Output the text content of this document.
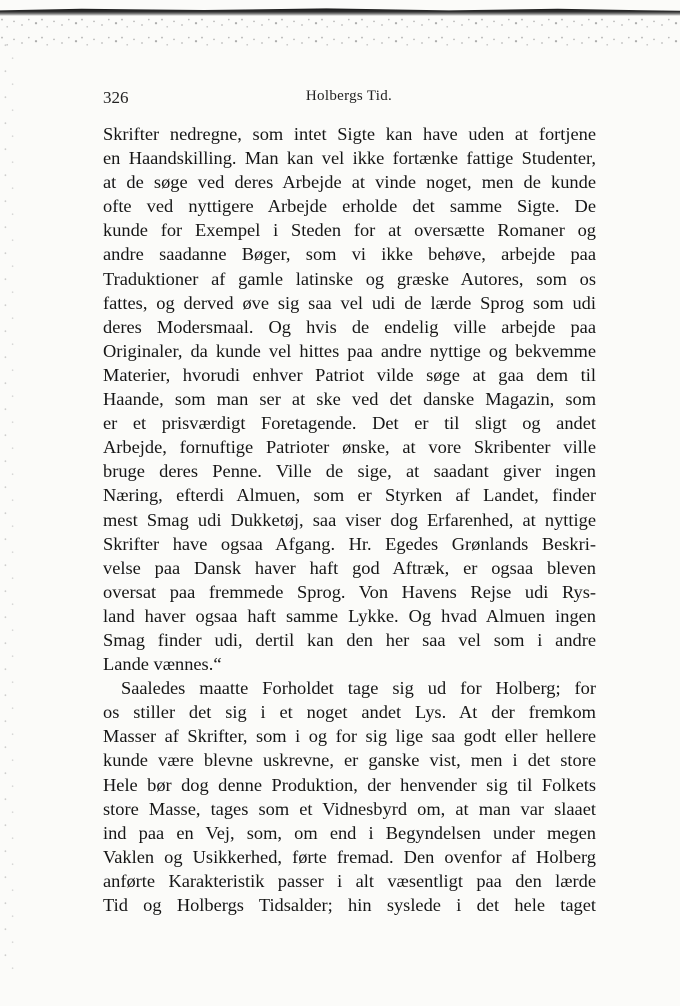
Holbergs Tid.
326
Skrifter nedregne, som intet Sigte kan have uden at fortjene
en Haandskilling. Man kan vel ikke fortænke fattige Studenter,
at de søge ved deres Arbejde at vinde noget, men de kunde
ofte ved nyttigere Arbejde erholde det samme Sigte. De
kunde for Exempel i Steden for at oversætte Romaner og
andre saadanne Bøger, som vi ikke behøve, arbejde paa
Traduktioner af gamle latinske og græske Autores, som os
fattes, og derved øve sig saa vel udi de lærde Sprog som udi
deres Modersmaal. Og hvis de endelig ville arbejde paa
Originaler, da kunde vel hittes paa andre nyttige og bekvemme
Materier, hvorudi enhver Patriot vilde søge at gaa dem til
Haande, som man ser at ske ved det danske Magazin, som
er et prisværdigt Foretagende. Det er til sligt og andet
Arbejde, fornuftige Patrioter ønske, at vore Skribenter ville
bruge deres Penne. Ville de sige, at saadant giver ingen
Næring, efterdi Almuen, som er Styrken af Landet, finder
mest Smag udi Dukketøj, saa viser dog Erfarenhed, at nyttige
Skrifter have ogsaa Afgang. Hr. Egedes Grønlands Beskri-
velse paa Dansk haver haft god Aftræk, er ogsaa bleven
oversat paa fremmede Sprog. Von Havens Rejse udi Rys-
land haver ogsaa haft samme Lykke. Og hvad Almuen ingen
Smag finder udi, dertil kan den her saa vel som i andre
Lande vænnes.“
Saaledes maatte Forholdet tage sig ud for Holberg; for
os stiller det sig i et noget andet Lys. At der fremkom
Masser af Skrifter, som i og for sig lige saa godt eller hellere
kunde være blevne uskrevne, er ganske vist, men i det store
Hele bør dog denne Produktion, der henvender sig til Folkets
store Masse, tages som et Vidnesbyrd om, at man var slaaet
ind paa en Vej, som, om end i Begyndelsen under megen
Vaklen og Usikkerhed, førte fremad. Den ovenfor af Holberg
anførte Karakteristik passer i alt væsentligt paa den lærde
Tid og Holbergs Tidsalder; hin syslede i det hele taget
